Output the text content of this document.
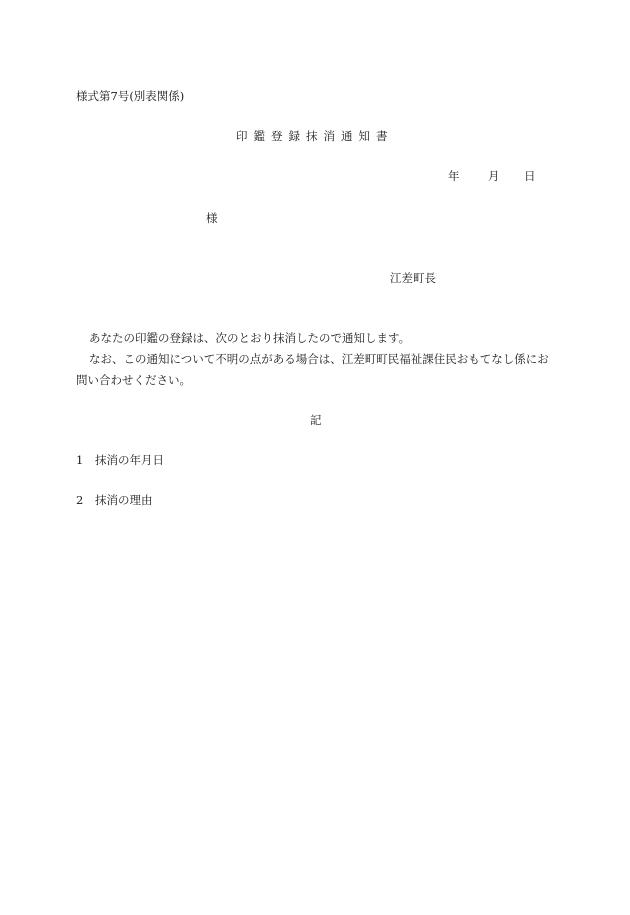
様式第7号(別表関係)
印鑑登録抹消通知書
年 月 日
様
江差町長

あなたの印鑑の登録は、次のとおり抹消したので通知します。

なお、この通知について不明の点がある場合は、江差町町民福祉課住民おもてなし係にお問い合わせください。

記
1 抹消の年月日
2 抹消の理由
